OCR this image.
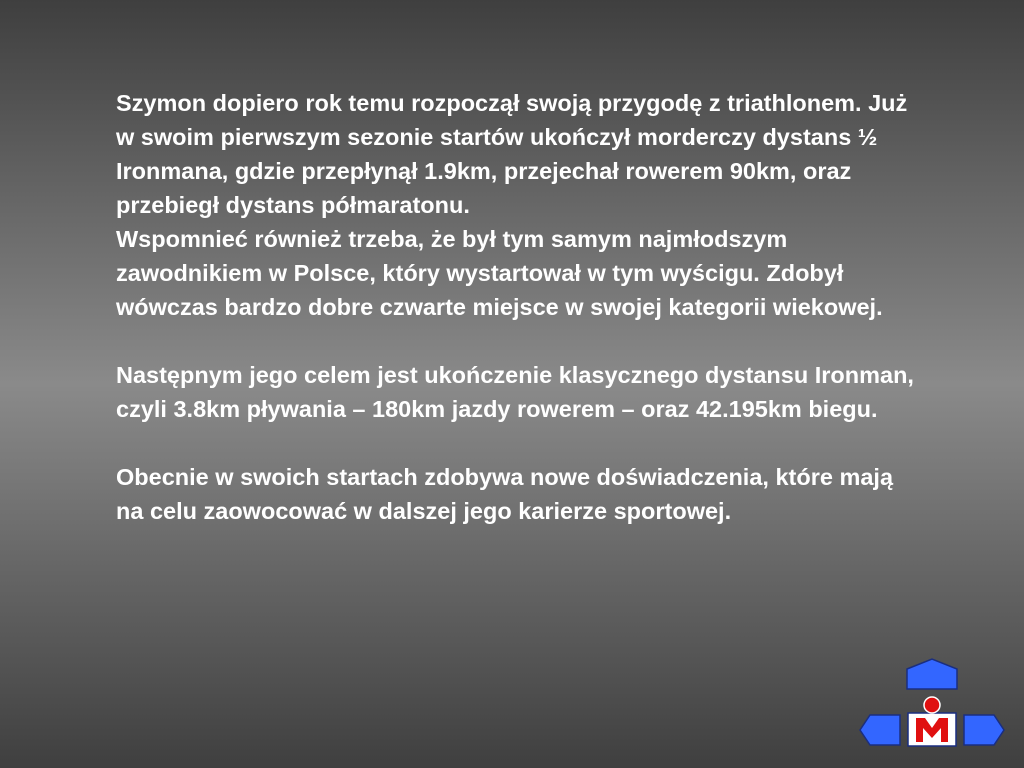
Szymon dopiero rok temu rozpoczął swoją przygodę z triathlonem. Już w swoim pierwszym sezonie startów ukończył morderczy dystans ½ Ironmana, gdzie przepłynął 1.9km, przejechał rowerem 90km, oraz przebiegł dystans półmaratonu.

Wspomnieć również trzeba, że był tym samym najmłodszym zawodnikiem w Polsce, który wystartował w tym wyścigu. Zdobył wówczas bardzo dobre czwarte miejsce w swojej kategorii wiekowej.

Następnym jego celem jest ukończenie klasycznego dystansu Ironman, czyli 3.8km pływania – 180km jazdy rowerem – oraz 42.195km biegu.

Obecnie w swoich startach zdobywa nowe doświadczenia, które mają na celu zaowocować w dalszej jego karierze sportowej.
